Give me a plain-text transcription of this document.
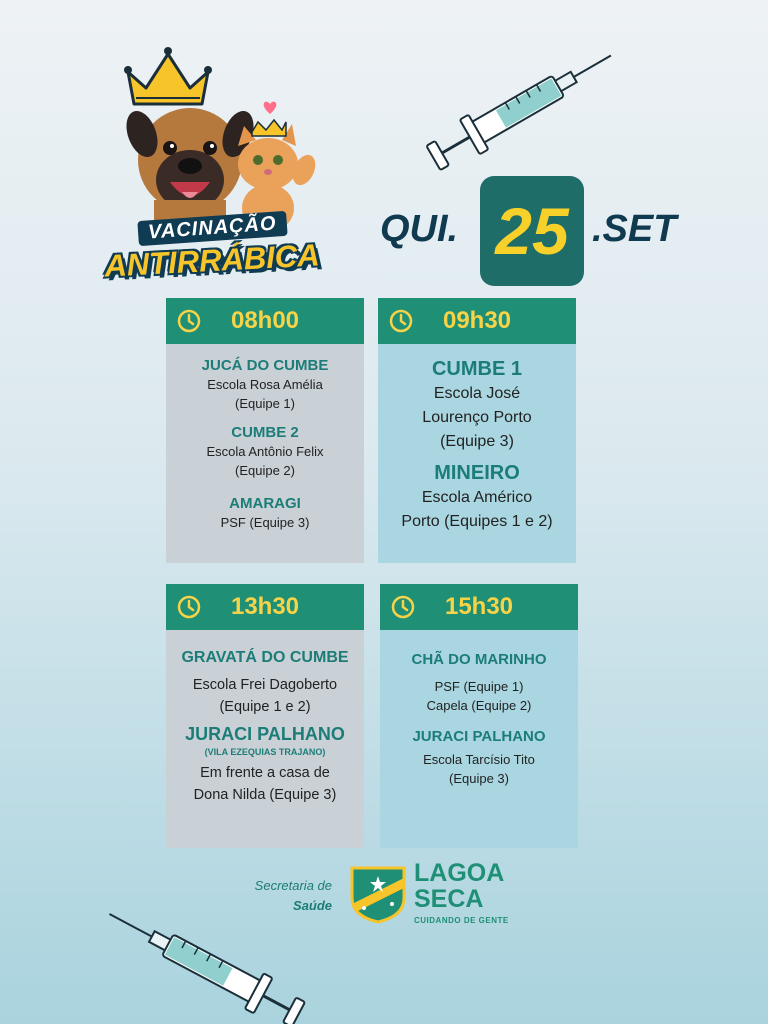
VACINAÇÃO
ANTIRRÁBICA
QUI. 25 .SET
08h00
JUCÁ DO CUMBE
Escola Rosa Amélia
(Equipe 1)
CUMBE 2
Escola Antônio Felix
(Equipe 2)
AMARAGI
PSF (Equipe 3)
09h30
CUMBE 1
Escola José
Lourenço Porto
(Equipe 3)
MINEIRO
Escola Américo
Porto (Equipes 1 e 2)
13h30
GRAVATÁ DO CUMBE
Escola Frei Dagoberto
(Equipe 1 e 2)
JURACI PALHANO
(VILA EZEQUIAS TRAJANO)
Em frente a casa de
Dona Nilda (Equipe 3)
15h30
CHÃ DO MARINHO
PSF (Equipe 1)
Capela (Equipe 2)
JURACI PALHANO
Escola Tarcísio Tito
(Equipe 3)
Secretaria de
Saúde
LAGOA
SECA
CUIDANDO DE GENTE
